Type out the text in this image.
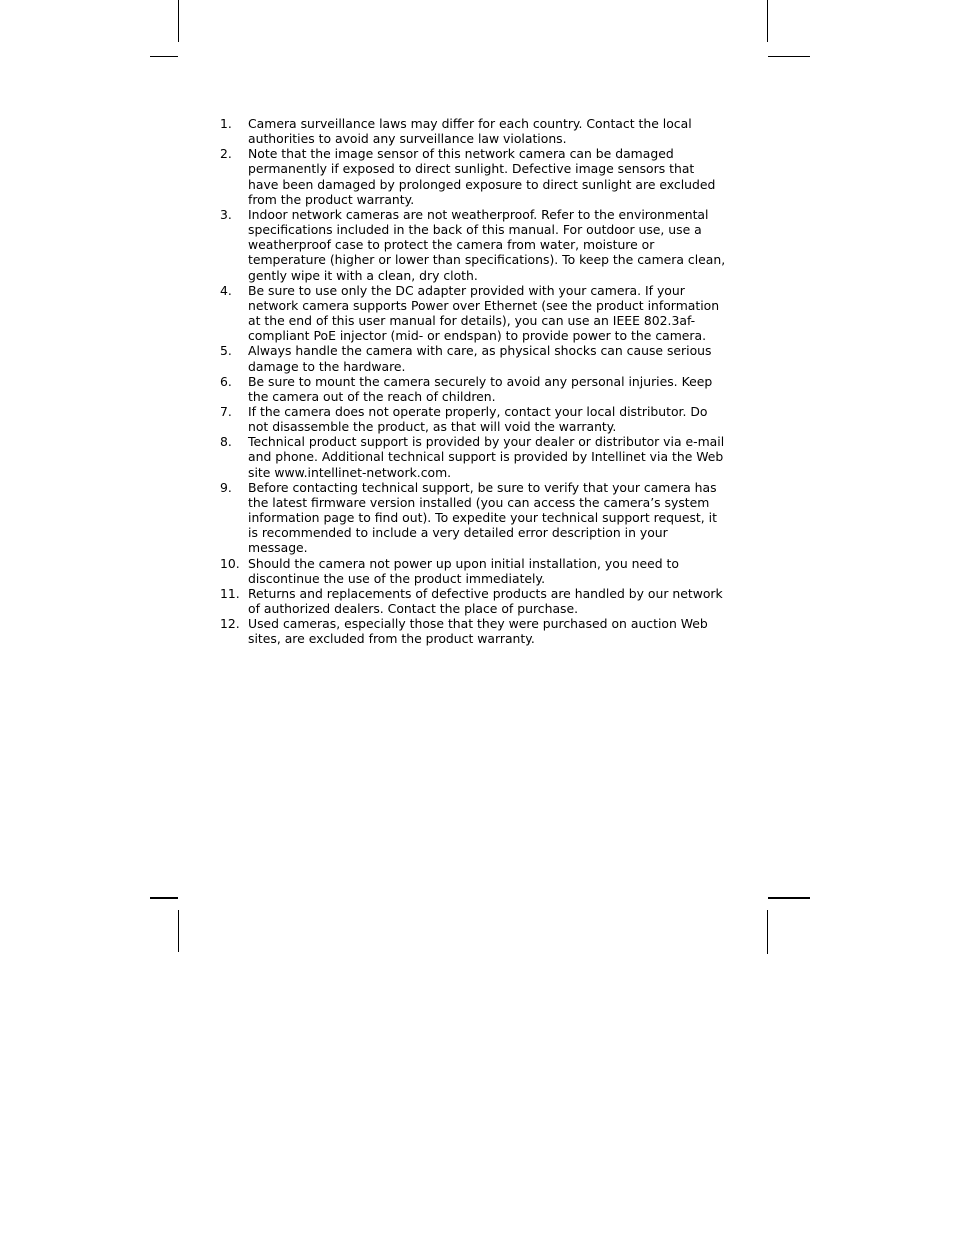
1. Camera surveillance laws may differ for each country. Contact the local authorities to avoid any surveillance law violations.
2. Note that the image sensor of this network camera can be damaged permanently if exposed to direct sunlight. Defective image sensors that have been damaged by prolonged exposure to direct sunlight are excluded from the product warranty.
3. Indoor network cameras are not weatherproof. Refer to the environmental specifications included in the back of this manual. For outdoor use, use a weatherproof case to protect the camera from water, moisture or temperature (higher or lower than specifications). To keep the camera clean, gently wipe it with a clean, dry cloth.
4. Be sure to use only the DC adapter provided with your camera. If your network camera supports Power over Ethernet (see the product information at the end of this user manual for details), you can use an IEEE 802.3af-compliant PoE injector (mid- or endspan) to provide power to the camera.
5. Always handle the camera with care, as physical shocks can cause serious damage to the hardware.
6. Be sure to mount the camera securely to avoid any personal injuries. Keep the camera out of the reach of children.
7. If the camera does not operate properly, contact your local distributor. Do not disassemble the product, as that will void the warranty.
8. Technical product support is provided by your dealer or distributor via e-mail and phone. Additional technical support is provided by Intellinet via the Web site www.intellinet-network.com.
9. Before contacting technical support, be sure to verify that your camera has the latest firmware version installed (you can access the camera’s system information page to find out). To expedite your technical support request, it is recommended to include a very detailed error description in your message.
10. Should the camera not power up upon initial installation, you need to discontinue the use of the product immediately.
11. Returns and replacements of defective products are handled by our network of authorized dealers. Contact the place of purchase.
12. Used cameras, especially those that they were purchased on auction Web sites, are excluded from the product warranty.
